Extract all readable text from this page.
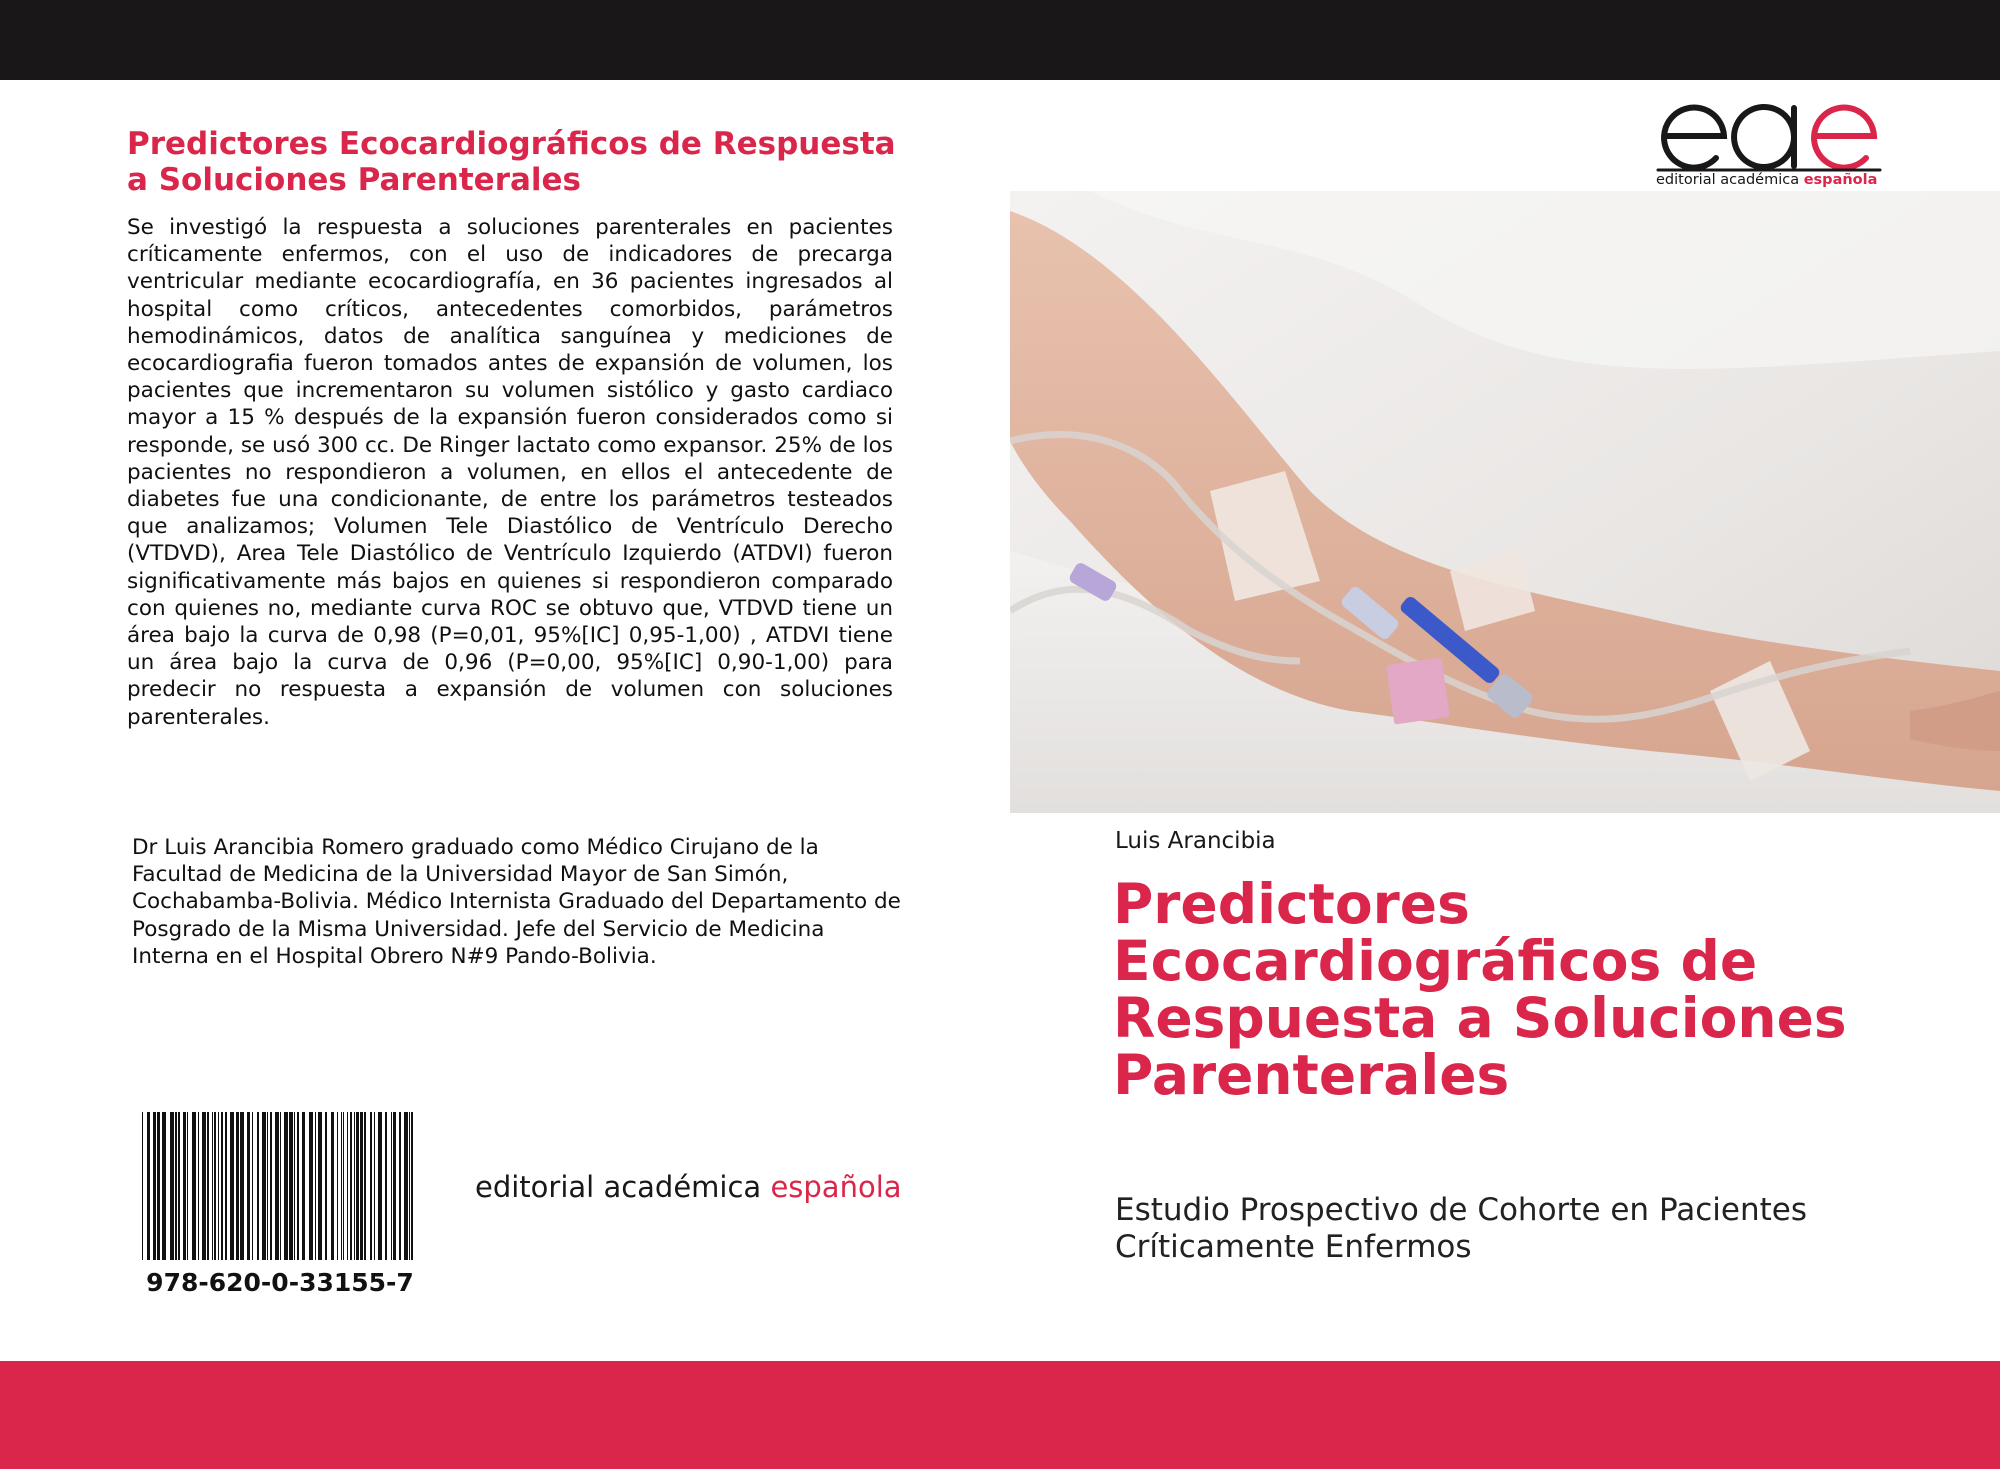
Predictores Ecocardiográficos de Respuesta a Soluciones Parenterales

Se investigó la respuesta a soluciones parenterales en pacientes críticamente enfermos, con el uso de indicadores de precarga ventricular mediante ecocardiografía, en 36 pacientes ingresados al hospital como críticos, antecedentes comorbidos, parámetros hemodinámicos, datos de analítica sanguínea y mediciones de ecocardiografia fueron tomados antes de expansión de volumen, los pacientes que incrementaron su volumen sistólico y gasto cardiaco mayor a 15 % después de la expansión fueron considerados como si responde, se usó 300 cc. De Ringer lactato como expansor. 25% de los pacientes no respondieron a volumen, en ellos el antecedente de diabetes fue una condicionante, de entre los parámetros testeados que analizamos; Volumen Tele Diastólico de Ventrículo Derecho (VTDVD), Area Tele Diastólico de Ventrículo Izquierdo (ATDVI) fueron significativamente más bajos en quienes si respondieron comparado con quienes no, mediante curva ROC se obtuvo que, VTDVD tiene un área bajo la curva de 0,98 (P=0,01, 95%[IC] 0,95-1,00) , ATDVI tiene un área bajo la curva de 0,96 (P=0,00, 95%[IC] 0,90-1,00) para predecir no respuesta a expansión de volumen con soluciones parenterales.

Dr Luis Arancibia Romero graduado como Médico Cirujano de la Facultad de Medicina de la Universidad Mayor de San Simón, Cochabamba-Bolivia. Médico Internista Graduado del Departamento de Posgrado de la Misma Universidad. Jefe del Servicio de Medicina Interna en el Hospital Obrero N#9 Pando-Bolivia.

978-620-0-33155-7
editorial académica española
editorial académica española
Luis Arancibia
Predictores Ecocardiográficos de Respuesta a Soluciones Parenterales

Estudio Prospectivo de Cohorte en Pacientes Críticamente Enfermos
